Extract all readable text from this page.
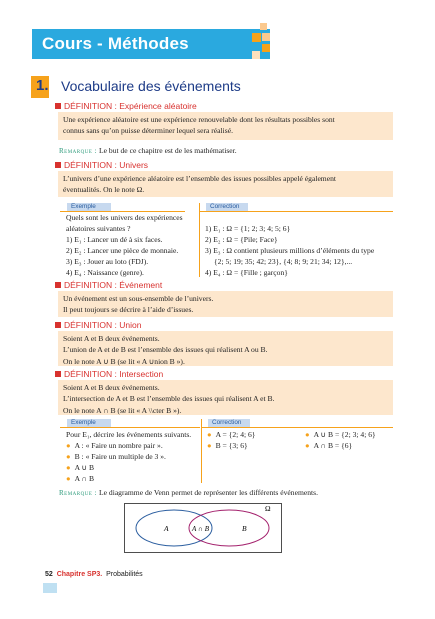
Cours - Méthodes
1. Vocabulaire des événements
DÉFINITION : Expérience aléatoire
Une expérience aléatoire est une expérience renouvelable dont les résultats possibles sont
connus sans qu’on puisse déterminer lequel sera réalisé.
Remarque : Le but de ce chapitre est de les mathématiser.
DÉFINITION : Univers
L’univers d’une expérience aléatoire est l’ensemble des issues possibles appelé également
éventualités. On le note Ω.
Exemple
Quels sont les univers des expériences
aléatoires suivantes ?
1) E₁ : Lancer un dé à six faces.
2) E₂ : Lancer une pièce de monnaie.
3) E₃ : Jouer au loto (FDJ).
4) E₄ : Naissance (genre).
Correction
1) E₁ : Ω = {1; 2; 3; 4; 5; 6}
2) E₂ : Ω = {Pile; Face}
3) E₃ : Ω contient plusieurs millions d’éléments du type
{2; 5; 19; 35; 42; 23}, {4; 8; 9; 21; 34; 12},...
4) E₄ : Ω = {Fille ; garçon}
DÉFINITION : Événement
Un événement est un sous-ensemble de l’univers.
Il peut toujours se décrire à l’aide d’issues.
DÉFINITION : Union
Soient A et B deux événements.
L’union de A et de B est l’ensemble des issues qui réalisent A ou B.
On le note A ∪ B (se lit « A ∪nion B »).
DÉFINITION : Intersection
Soient A et B deux événements.
L’intersection de A et B est l’ensemble des issues qui réalisent A et B.
On le note A ∩ B (se lit « A \\cter B »).
Exemple
Pour E₁, décrire les événements suivants.
● A : « Faire un nombre pair ».
● B : « Faire un multiple de 3 ».
● A ∪ B
● A ∩ B
Correction
● A = {2; 4; 6}
● B = {3; 6}
● A ∪ B = {2; 3; 4; 6}
● A ∩ B = {6}
Remarque : Le diagramme de Venn permet de représenter les différents événements.
Ω
A	A ∩ B	B
52 Chapitre SP3. Probabilités
